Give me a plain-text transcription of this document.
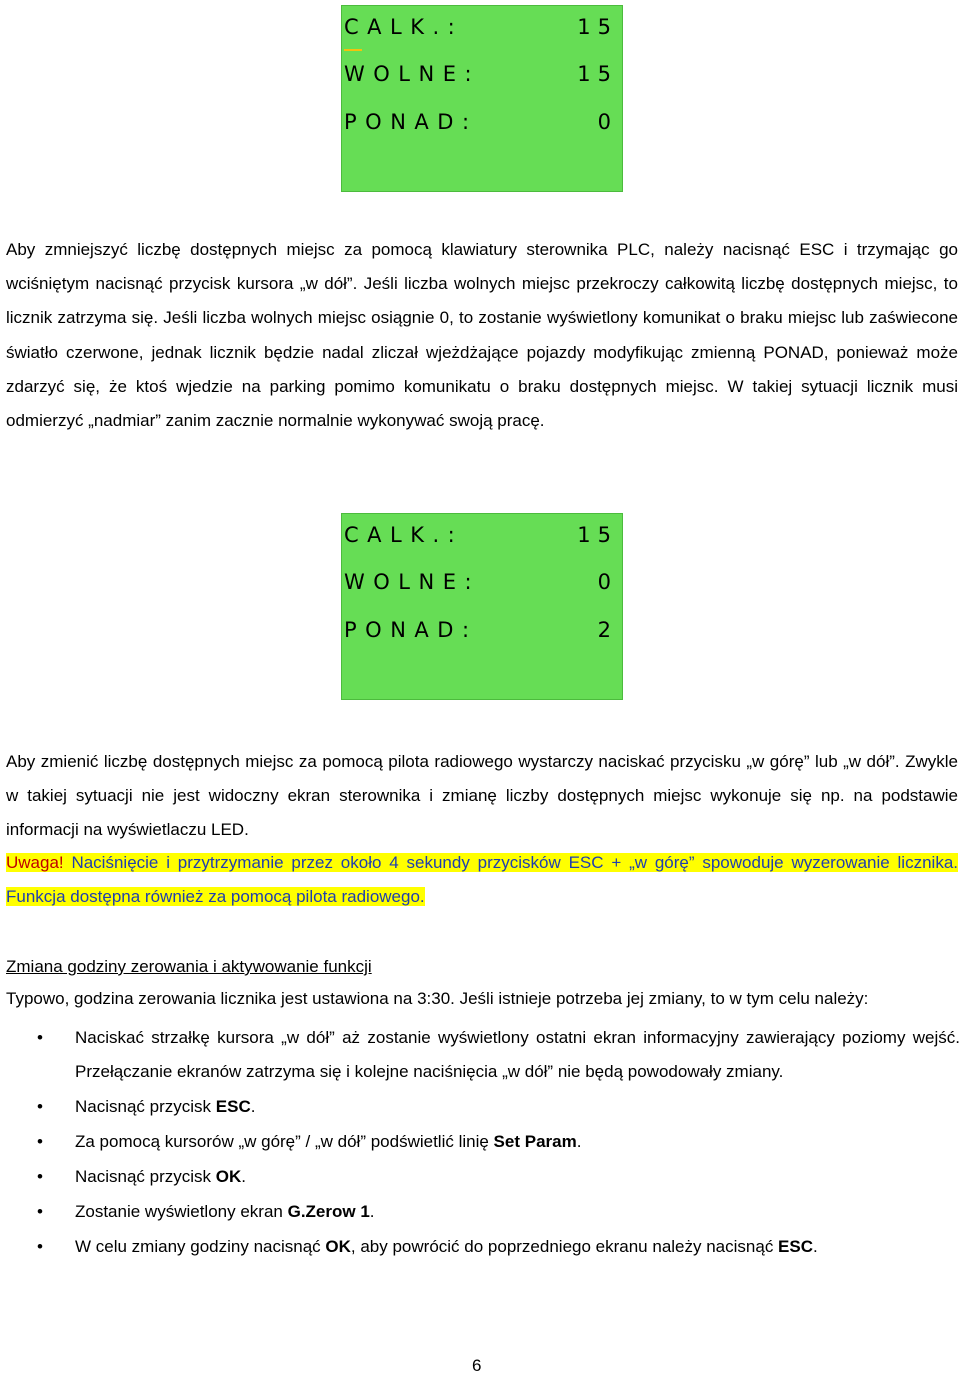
CALK.:	15
WOLNE:	15
PONAD:	0
Aby zmniejszyć liczbę dostępnych miejsc za pomocą klawiatury sterownika PLC, należy nacisnąć ESC i trzymając go wciśniętym nacisnąć przycisk kursora „w dół”. Jeśli liczba wolnych miejsc przekroczy całkowitą liczbę dostępnych miejsc, to licznik zatrzyma się. Jeśli liczba wolnych miejsc osiągnie 0, to zostanie wyświetlony komunikat o braku miejsc lub zaświecone światło czerwone, jednak licznik będzie nadal zliczał wjeżdżające pojazdy modyfikując zmienną PONAD, ponieważ może zdarzyć się, że ktoś wjedzie na parking pomimo komunikatu o braku dostępnych miejsc. W takiej sytuacji licznik musi odmierzyć „nadmiar” zanim zacznie normalnie wykonywać swoją pracę.
CALK.:	15
WOLNE:	0
PONAD:	2
Aby zmienić liczbę dostępnych miejsc za pomocą pilota radiowego wystarczy naciskać przycisku „w górę” lub „w dół”. Zwykle w takiej sytuacji nie jest widoczny ekran sterownika i zmianę liczby dostępnych miejsc wykonuje się np. na podstawie informacji na wyświetlaczu LED.
Uwaga! Naciśnięcie i przytrzymanie przez około 4 sekundy przycisków ESC + „w górę” spowoduje wyzerowanie licznika. Funkcja dostępna również za pomocą pilota radiowego.
Zmiana godziny zerowania i aktywowanie funkcji
Typowo, godzina zerowania licznika jest ustawiona na 3:30. Jeśli istnieje potrzeba jej zmiany, to w tym celu należy:
• Naciskać strzałkę kursora „w dół” aż zostanie wyświetlony ostatni ekran informacyjny zawierający poziomy wejść. Przełączanie ekranów zatrzyma się i kolejne naciśnięcia „w dół” nie będą powodowały zmiany.
• Nacisnąć przycisk ESC.
• Za pomocą kursorów „w górę” / „w dół” podświetlić linię Set Param.
• Nacisnąć przycisk OK.
• Zostanie wyświetlony ekran G.Zerow 1.
• W celu zmiany godziny nacisnąć OK, aby powrócić do poprzedniego ekranu należy nacisnąć ESC.
6
